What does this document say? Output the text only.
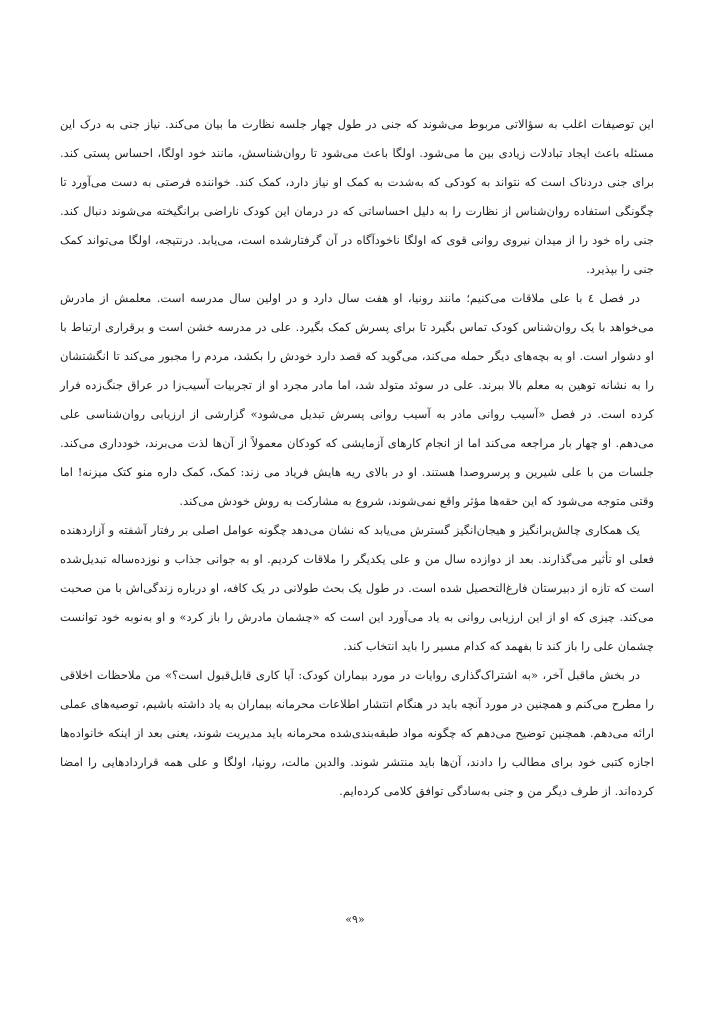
این توصیفات اغلب به سؤالاتی مربوط می‌شوند که جنی در طول چهار جلسه نظارت ما بیان می‌کند. نیاز جنی به درک این مسئله باعث ایجاد تبادلات زیادی بین ما می‌شود. اولگا باعث می‌شود تا روان‌شناسش، مانند خود اولگا، احساس پستی کند. برای جنی دردناک است که نتواند به کودکی که به‌شدت به کمک او نیاز دارد، کمک کند. خواننده فرصتی به دست می‌آورد تا چگونگی استفاده روان‌شناس از نظارت را به دلیل احساساتی که در درمان این کودک ناراضی برانگیخته می‌شوند دنبال کند. جنی راه خود را از میدان نیروی روانی قوی که اولگا ناخودآگاه در آن گرفتارشده است، می‌یابد. درنتیجه، اولگا می‌تواند کمک جنی را بپذیرد.

در فصل ٤ با علی ملاقات می‌کنیم؛ مانند رونیا، او هفت سال دارد و در اولین سال مدرسه است. معلمش از مادرش می‌خواهد با یک روان‌شناس کودک تماس بگیرد تا برای پسرش کمک بگیرد. علی در مدرسه خشن است و برقراری ارتباط با او دشوار است. او به بچه‌های دیگر حمله می‌کند، می‌گوید که قصد دارد خودش را بکشد، مردم را مجبور می‌کند تا انگشتشان را به نشانه توهین به معلم بالا ببرند. علی در سوئد متولد شد، اما مادر مجرد او از تجربیات آسیب‌زا در عراق جنگ‌زده فرار کرده است. در فصل «آسیب روانی مادر به آسیب روانی پسرش تبدیل می‌شود» گزارشی از ارزیابی روان‌شناسی علی می‌دهم. او چهار بار مراجعه می‌کند اما از انجام کارهای آزمایشی که کودکان معمولاً از آن‌ها لذت می‌برند، خودداری می‌کند. جلسات من با علی شیرین و پرسروصدا هستند. او در بالای ریه هایش فریاد می زند: کمک، کمک داره منو کتک میزنه! اما وقتی متوجه می‌شود که این حقه‌ها مؤثر واقع نمی‌شوند، شروع به مشارکت به روش خودش می‌کند.

یک همکاری چالش‌برانگیز و هیجان‌انگیز گسترش می‌یابد که نشان می‌دهد چگونه عوامل اصلی بر رفتار آشفته و آزاردهنده فعلی او تأثیر می‌گذارند. بعد از دوازده سال من و علی یکدیگر را ملاقات کردیم. او به جوانی جذاب و نوزده‌ساله تبدیل‌شده است که تازه از دبیرستان فارغ‌التحصیل شده است. در طول یک بحث طولانی در یک کافه، او درباره زندگی‌اش با من صحبت می‌کند. چیزی که او از این ارزیابی روانی به یاد می‌آورد این است که «چشمان مادرش را باز کرد» و او به‌نوبه خود توانست چشمان علی را باز کند تا بفهمد که کدام مسیر را باید انتخاب کند.

در بخش ماقبل آخر، «به اشتراک‌گذاری روایات در مورد بیماران کودک: آیا کاری قابل‌قبول است؟» من ملاحظات اخلاقی را مطرح می‌کنم و همچنین در مورد آنچه باید در هنگام انتشار اطلاعات محرمانه بیماران به یاد داشته باشیم، توصیه‌های عملی ارائه می‌دهم. همچنین توضیح می‌دهم که چگونه مواد طبقه‌بندی‌شده محرمانه باید مدیریت شوند، یعنی بعد از اینکه خانواده‌ها اجازه کتبی خود برای مطالب را دادند، آن‌ها باید منتشر شوند. والدین مالت، رونیا، اولگا و علی همه قراردادهایی را امضا کرده‌اند. از طرف دیگر من و جنی به‌سادگی توافق کلامی کرده‌ایم.

«٩»
